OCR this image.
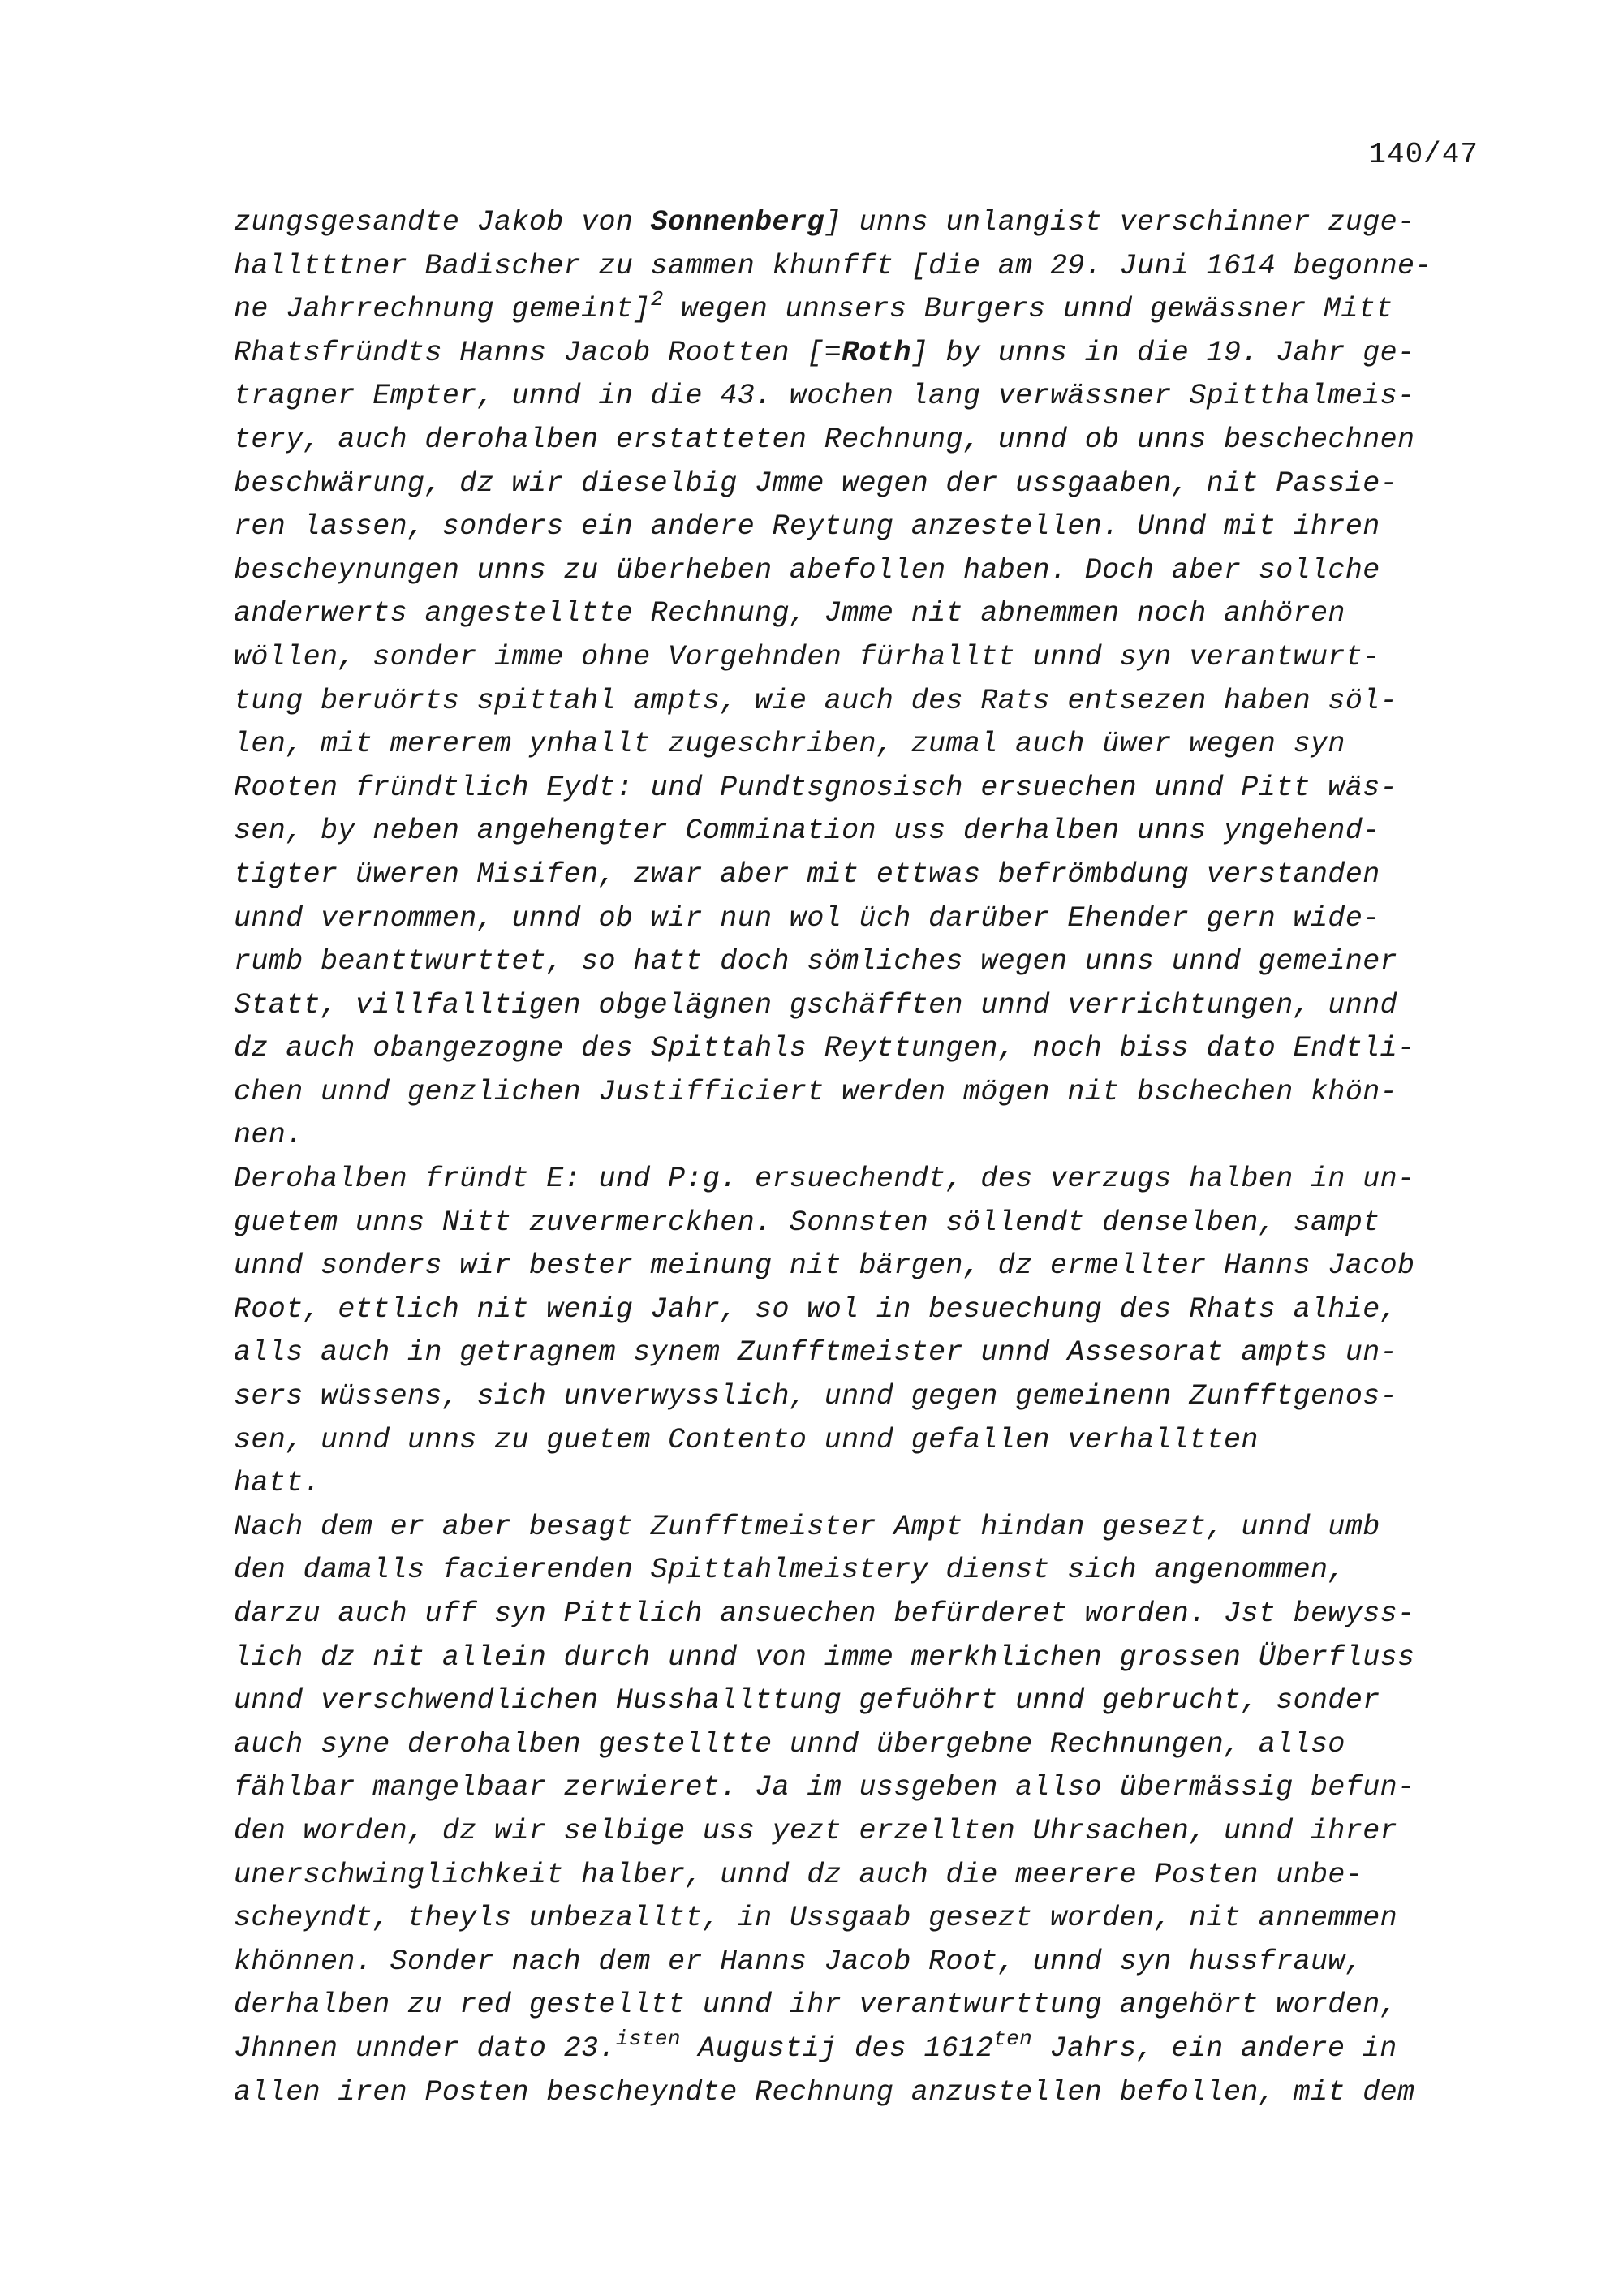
140/47
zungsgesandte Jakob von Sonnenberg] unns unlangist verschinner zuge-
halltttner Badischer zu sammen khunfft [die am 29. Juni 1614 begonne-
ne Jahrrechnung gemeint]$^2$ wegen unnsers Burgers unnd gewässner Mitt
Rhatsfründts Hanns Jacob Rootten [=Roth] by unns in die 19. Jahr ge-
tragner Empter, unnd in die 43. wochen lang verwässner Spitthalmeis-
tery, auch derohalben erstatteten Rechnung, unnd ob unns beschechnen
beschwärung, dz wir dieselbig Jmme wegen der ussgaaben, nit Passie-
ren lassen, sonders ein andere Reytung anzestellen. Unnd mit ihren
bescheynungen unns zu überheben abefollen haben. Doch aber sollche
anderwerts angestelltte Rechnung, Jmme nit abnemmen noch anhören
wöllen, sonder imme ohne Vorgehnden fürhalltt unnd syn verantwurt-
tung beruörts spittahl ampts, wie auch des Rats entsezen haben söl-
len, mit mererem ynhallt zugeschriben, zumal auch üwer wegen syn
Rooten fründtlich Eydt: und Pundtsgnosisch ersuechen unnd Pitt wäs-
sen, by neben angehengter Commination uss derhalben unns yngehend-
tigter üweren Misifen, zwar aber mit ettwas befrömbdung verstanden
unnd vernommen, unnd ob wir nun wol üch darüber Ehender gern wide-
rumb beanttwurttet, so hatt doch sömliches wegen unns unnd gemeiner
Statt, villfalltigen obgelägnen gschäfften unnd verrichtungen, unnd
dz auch obangezogne des Spittahls Reyttungen, noch biss dato Endtli-
chen unnd genzlichen Justifficiert werden mögen nit bschechen khön-
nen.
Derohalben fründt E: und P:g. ersuechendt, des verzugs halben in un-
guetem unns Nitt zuvermerckhen. Sonnsten söllendt denselben, sampt
unnd sonders wir bester meinung nit bärgen, dz ermellter Hanns Jacob
Root, ettlich nit wenig Jahr, so wol in besuechung des Rhats alhie,
alls auch in getragnem synem Zunfftmeister unnd Assesorat ampts un-
sers wüssens, sich unverwysslich, unnd gegen gemeinenn Zunfftgenos-
sen, unnd unns zu guetem Contento unnd gefallen verhalltten
hatt.
Nach dem er aber besagt Zunfftmeister Ampt hindan gesezt, unnd umb
den damalls facierenden Spittahlmeistery dienst sich angenommen,
darzu auch uff syn Pittlich ansuechen befürderet worden. Jst bewyss-
lich dz nit allein durch unnd von imme merkhlichen grossen Überfluss
unnd verschwendlichen Husshallttung gefuöhrt unnd gebrucht, sonder
auch syne derohalben gestelltte unnd übergebne Rechnungen, allso
fählbar mangelbaar zerwieret. Ja im ussgeben allso übermässig befun-
den worden, dz wir selbige uss yezt erzellten Uhrsachen, unnd ihrer
unerschwinglichkeit halber, unnd dz auch die meerere Posten unbe-
scheyndt, theyls unbezalltt, in Ussgaab gesezt worden, nit annemmen
khönnen. Sonder nach dem er Hanns Jacob Root, unnd syn hussfrauw,
derhalben zu red gestelltt unnd ihr verantwurttung angehört worden,
Jhnnen unnder dato 23.$^{isten}$ Augustij des $1612^{ten}$ Jahrs, ein andere in
allen iren Posten bescheyndte Rechnung anzustellen befollen, mit dem
